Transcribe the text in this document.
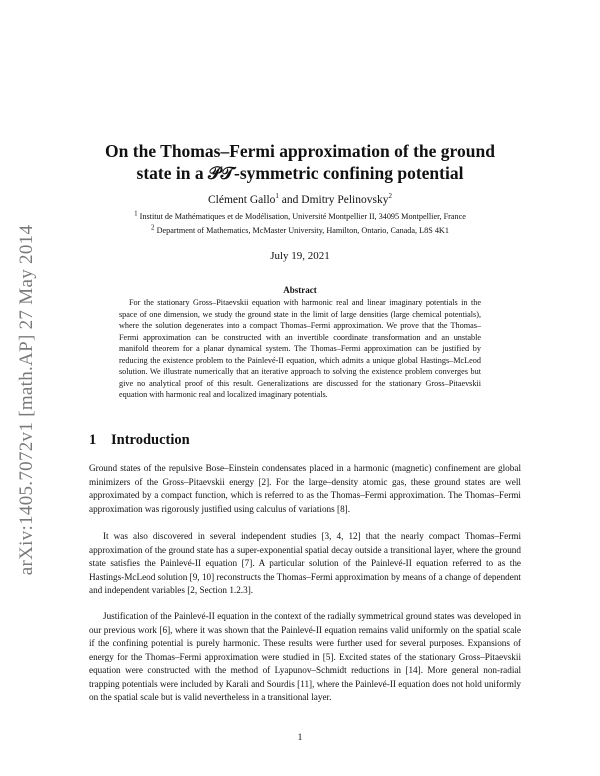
arXiv:1405.7072v1 [math.AP] 27 May 2014
On the Thomas–Fermi approximation of the ground
state in a 𝒫𝒯-symmetric confining potential
Clément Gallo$^1$ and Dmitry Pelinovsky$^2$
$^1$ Institut de Mathématiques et de Modélisation, Université Montpellier II, 34095 Montpellier, France
$^2$ Department of Mathematics, McMaster University, Hamilton, Ontario, Canada, L8S 4K1
July 19, 2021
Abstract

For the stationary Gross–Pitaevskii equation with harmonic real and linear imaginary potentials in the space of one dimension, we study the ground state in the limit of large densities (large chemical potentials), where the solution degenerates into a compact Thomas–Fermi approximation. We prove that the Thomas–Fermi approximation can be constructed with an invertible coordinate transformation and an unstable manifold theorem for a planar dynamical system. The Thomas–Fermi approximation can be justified by reducing the existence problem to the Painlevé-II equation, which admits a unique global Hastings–McLeod solution. We illustrate numerically that an iterative approach to solving the existence problem converges but give no analytical proof of this result. Generalizations are discussed for the stationary Gross–Pitaevskii equation with harmonic real and localized imaginary potentials.

1 Introduction

Ground states of the repulsive Bose–Einstein condensates placed in a harmonic (magnetic) confinement are global minimizers of the Gross–Pitaevskii energy [2]. For the large–density atomic gas, these ground states are well approximated by a compact function, which is referred to as the Thomas–Fermi approximation. The Thomas–Fermi approximation was rigorously justified using calculus of variations [8].

It was also discovered in several independent studies [3, 4, 12] that the nearly compact Thomas–Fermi approximation of the ground state has a super-exponential spatial decay outside a transitional layer, where the ground state satisfies the Painlevé-II equation [7]. A particular solution of the Painlevé-II equation referred to as the Hastings-McLeod solution [9, 10] reconstructs the Thomas–Fermi approximation by means of a change of dependent and independent variables [2, Section 1.2.3].

Justification of the Painlevé-II equation in the context of the radially symmetrical ground states was developed in our previous work [6], where it was shown that the Painlevé-II equation remains valid uniformly on the spatial scale if the confining potential is purely harmonic. These results were further used for several purposes. Expansions of energy for the Thomas–Fermi approximation were studied in [5]. Excited states of the stationary Gross–Pitaevskii equation were constructed with the method of Lyapunov–Schmidt reductions in [14]. More general non-radial trapping potentials were included by Karali and Sourdis [11], where the Painlevé-II equation does not hold uniformly on the spatial scale but is valid nevertheless in a transitional layer.

1
